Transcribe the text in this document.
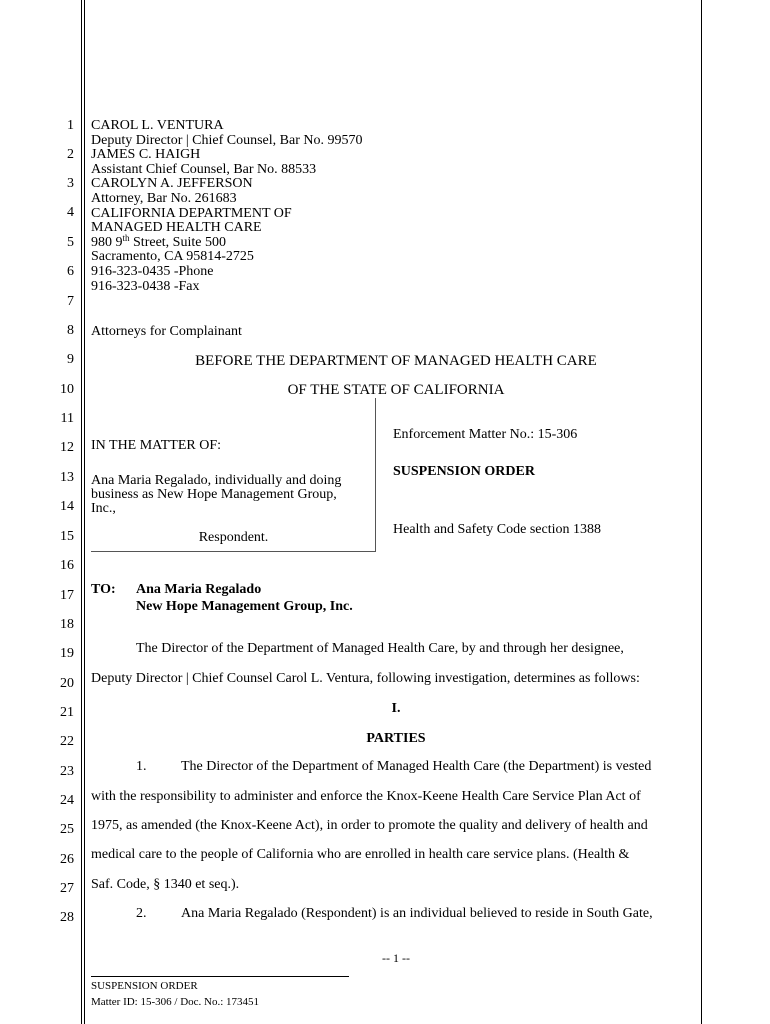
1
2
3
4
5
6
7
8
9
10
11
12
13
14
15
16
17
18
19
20
21
22
23
24
25
26
27
28
CAROL L. VENTURA
Deputy Director | Chief Counsel, Bar No. 99570
JAMES C. HAIGH
Assistant Chief Counsel, Bar No. 88533
CAROLYN A. JEFFERSON
Attorney, Bar No. 261683
CALIFORNIA DEPARTMENT OF
MANAGED HEALTH CARE
980 9th Street, Suite 500
Sacramento, CA 95814-2725
916-323-0435 -Phone
916-323-0438 -Fax
Attorneys for Complainant
BEFORE THE DEPARTMENT OF MANAGED HEALTH CARE
OF THE STATE OF CALIFORNIA
IN THE MATTER OF:
Ana Maria Regalado, individually and doing
business as New Hope Management Group,
Inc.,
Respondent.
Enforcement Matter No.: 15-306
SUSPENSION ORDER
Health and Safety Code section 1388
TO: Ana Maria Regalado
New Hope Management Group, Inc.
The Director of the Department of Managed Health Care, by and through her designee,
Deputy Director | Chief Counsel Carol L. Ventura, following investigation, determines as follows:
I.
PARTIES
1. The Director of the Department of Managed Health Care (the Department) is vested
with the responsibility to administer and enforce the Knox-Keene Health Care Service Plan Act of
1975, as amended (the Knox-Keene Act), in order to promote the quality and delivery of health and
medical care to the people of California who are enrolled in health care service plans. (Health &
Saf. Code, § 1340 et seq.).
2. Ana Maria Regalado (Respondent) is an individual believed to reside in South Gate,
-- 1 --
SUSPENSION ORDER
Matter ID: 15-306 / Doc. No.: 173451
